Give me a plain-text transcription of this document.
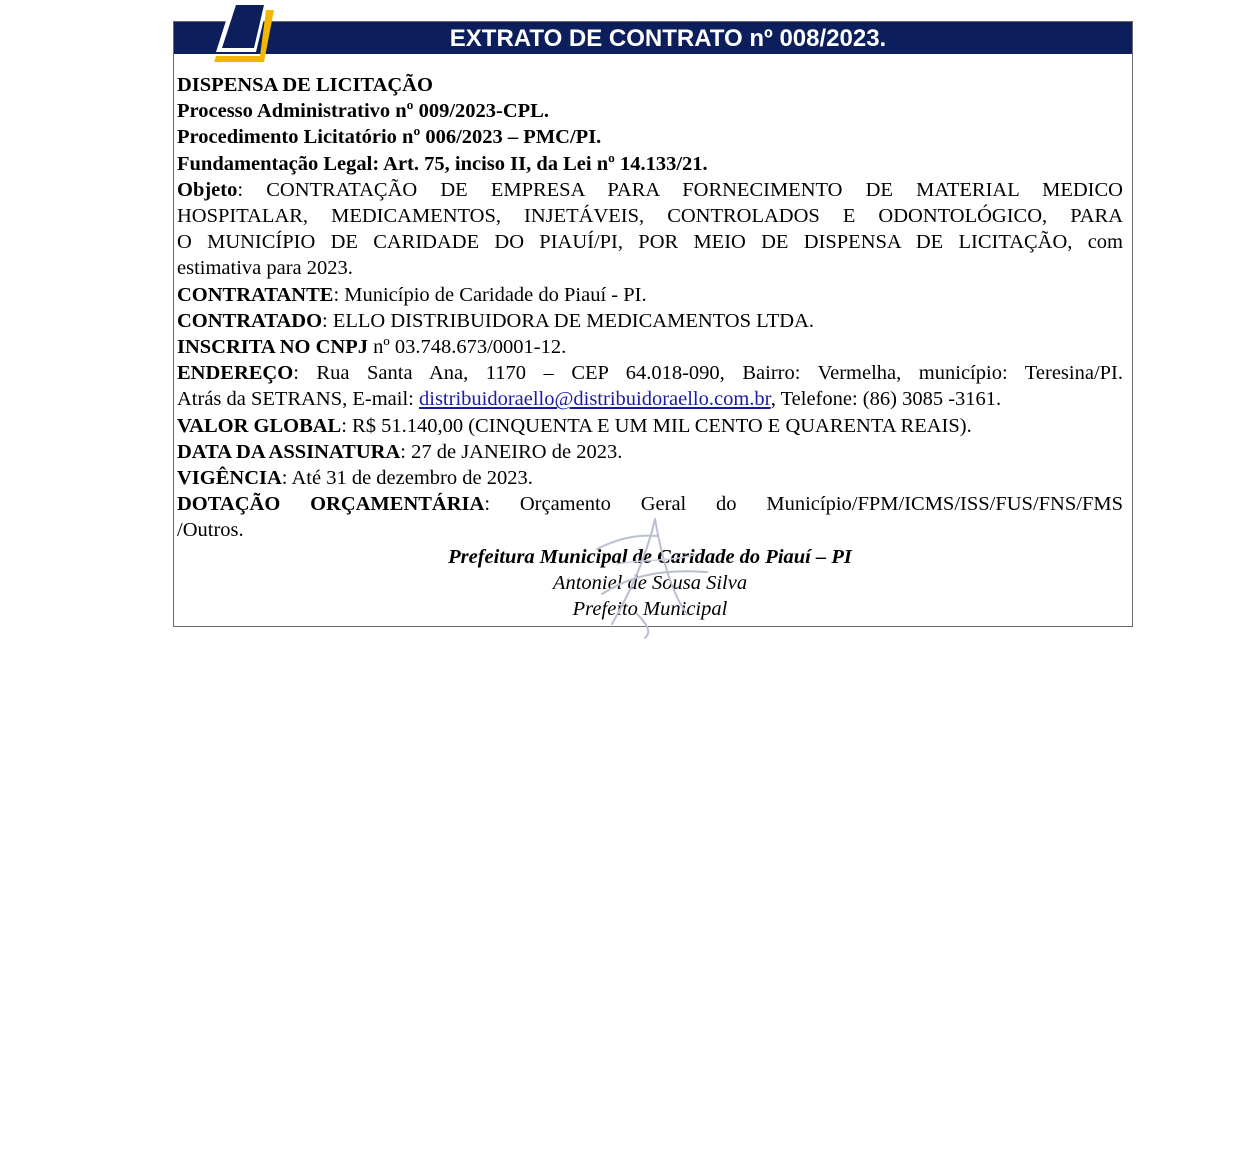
EXTRATO DE CONTRATO nº 008/2023.
DISPENSA DE LICITAÇÃO
Processo Administrativo nº 009/2023-CPL.
Procedimento Licitatório nº 006/2023 – PMC/PI.
Fundamentação Legal: Art. 75, inciso II, da Lei nº 14.133/21.
Objeto: CONTRATAÇÃO DE EMPRESA PARA FORNECIMENTO DE MATERIAL MEDICO
HOSPITALAR, MEDICAMENTOS, INJETÁVEIS, CONTROLADOS E ODONTOLÓGICO, PARA
O MUNICÍPIO DE CARIDADE DO PIAUÍ/PI, POR MEIO DE DISPENSA DE LICITAÇÃO, com
estimativa para 2023.
CONTRATANTE: Município de Caridade do Piauí - PI.
CONTRATADO: ELLO DISTRIBUIDORA DE MEDICAMENTOS LTDA.
INSCRITA NO CNPJ nº 03.748.673/0001-12.
ENDEREÇO: Rua Santa Ana, 1170 – CEP 64.018-090, Bairro: Vermelha, município: Teresina/PI.
Atrás da SETRANS, E-mail: distribuidoraello@distribuidoraello.com.br, Telefone: (86) 3085 -3161.
VALOR GLOBAL: R$ 51.140,00 (CINQUENTA E UM MIL CENTO E QUARENTA REAIS).
DATA DA ASSINATURA: 27 de JANEIRO de 2023.
VIGÊNCIA: Até 31 de dezembro de 2023.
DOTAÇÃO ORÇAMENTÁRIA: Orçamento Geral do Município/FPM/ICMS/ISS/FUS/FNS/FMS
/Outros.
Prefeitura Municipal de Caridade do Piauí – PI
Antoniel de Sousa Silva
Prefeito Municipal
